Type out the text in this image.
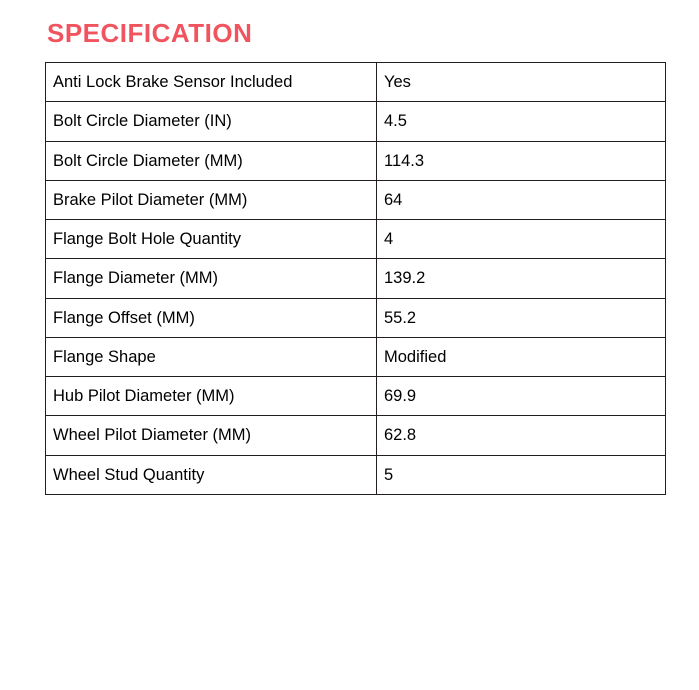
SPECIFICATION
Anti Lock Brake Sensor Included	Yes
Bolt Circle Diameter (IN)	4.5
Bolt Circle Diameter (MM)	114.3
Brake Pilot Diameter (MM)	64
Flange Bolt Hole Quantity	4
Flange Diameter (MM)	139.2
Flange Offset (MM)	55.2
Flange Shape	Modified
Hub Pilot Diameter (MM)	69.9
Wheel Pilot Diameter (MM)	62.8
Wheel Stud Quantity	5
